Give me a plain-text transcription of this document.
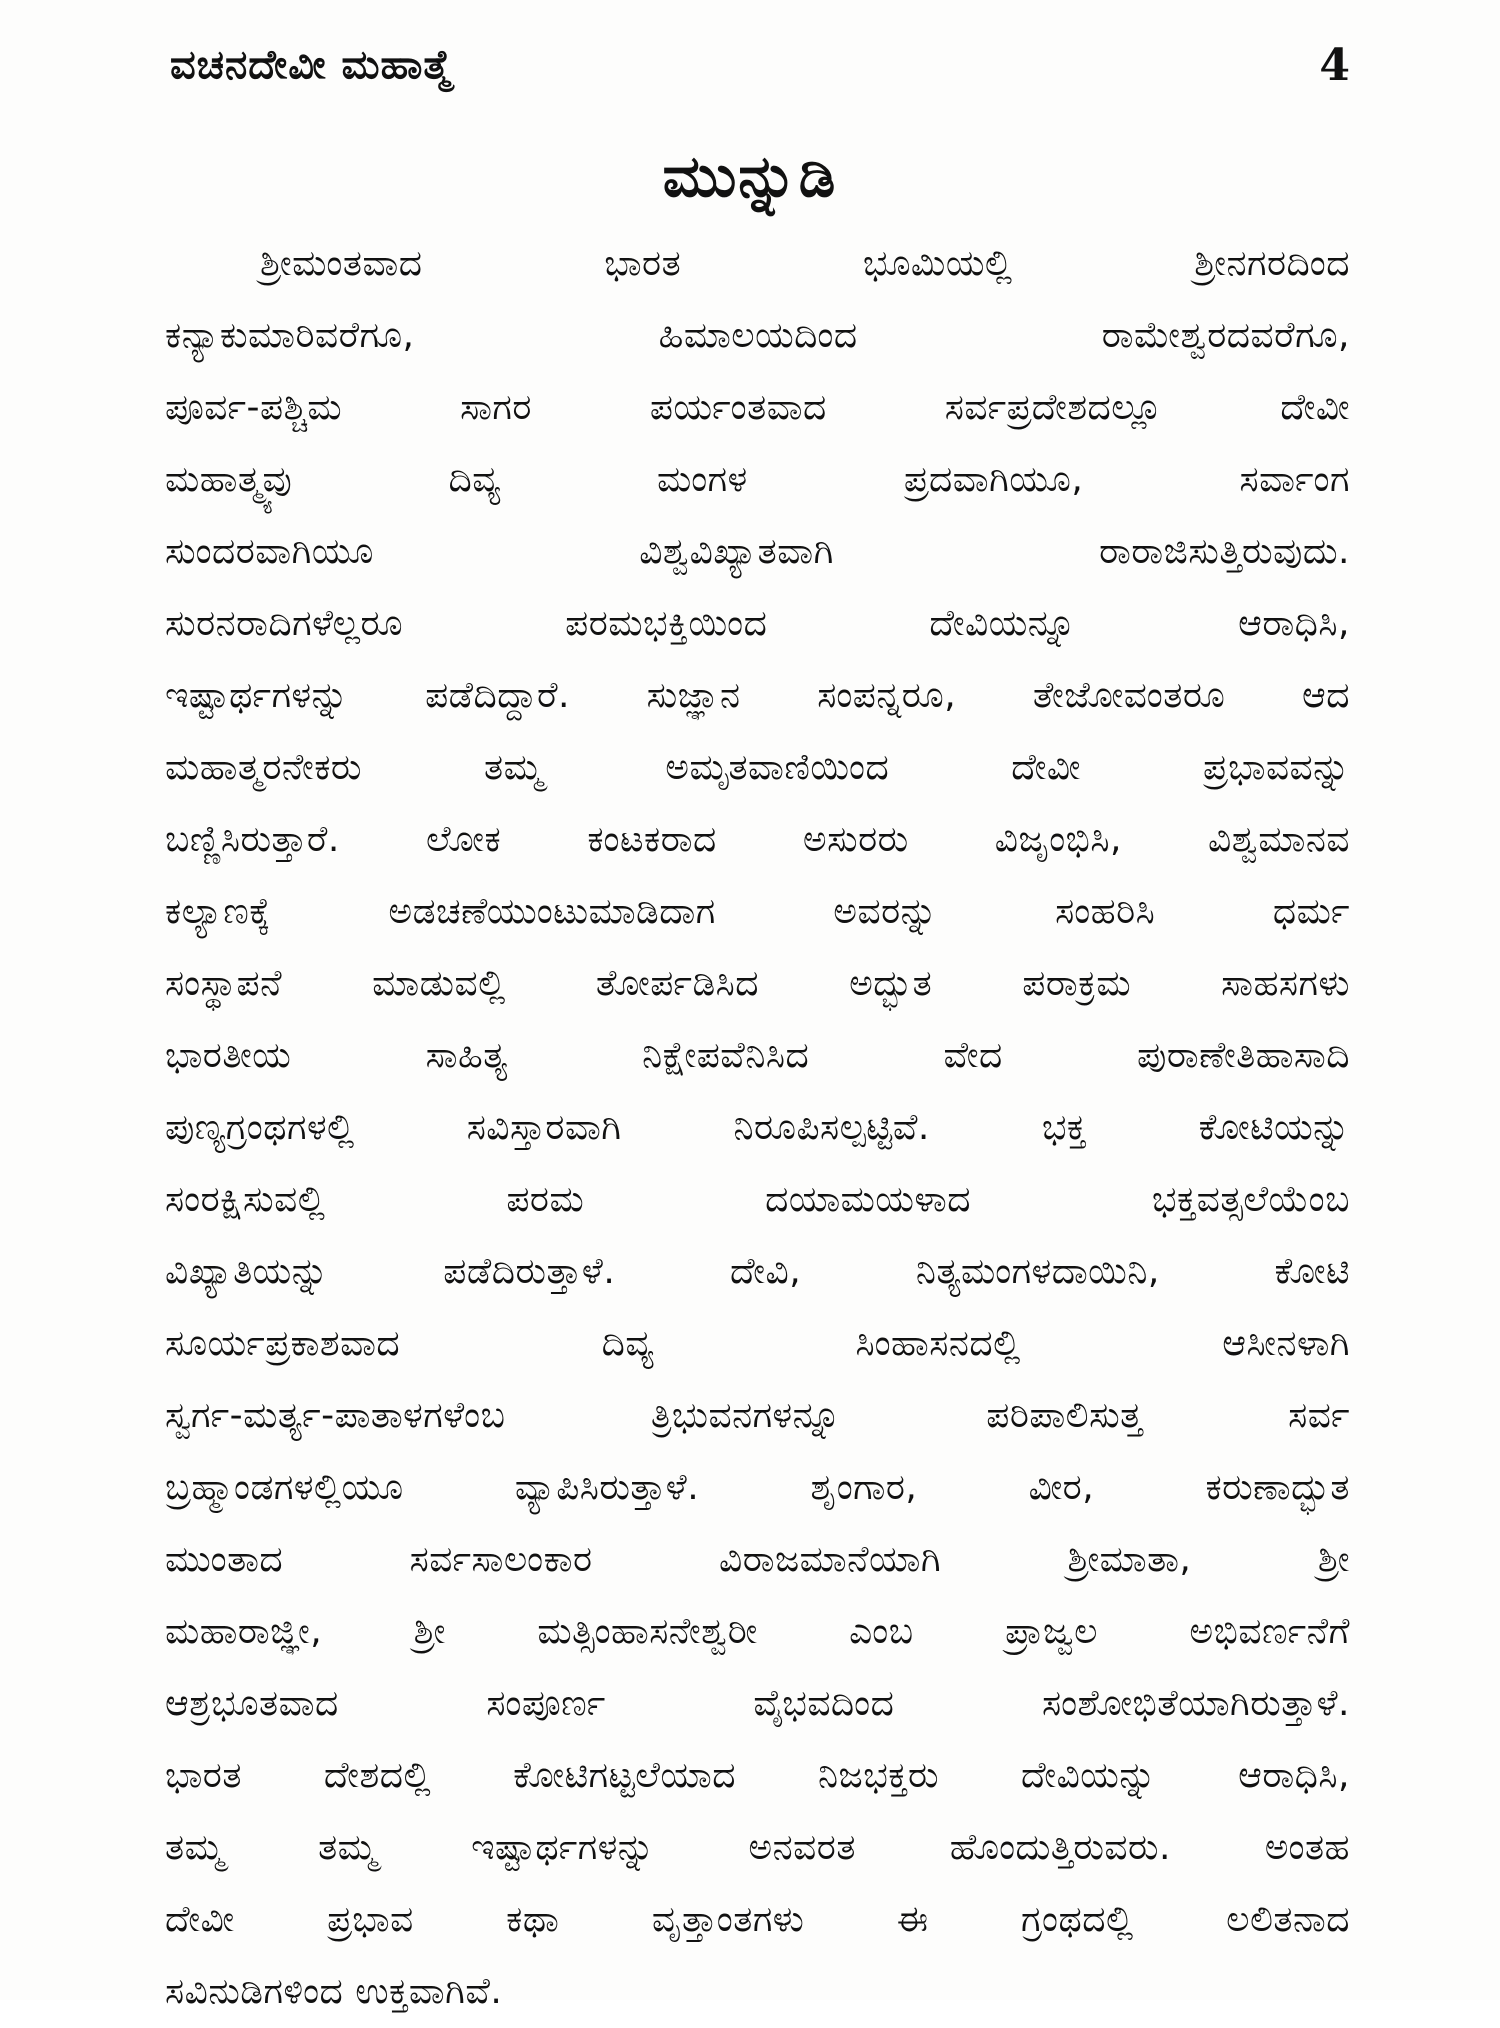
ವಚನದೇವೀ ಮಹಾತ್ಮೆ	4
ಮುನ್ನುಡಿ
ಶ್ರೀಮಂತವಾದ ಭಾರತ ಭೂಮಿಯಲ್ಲಿ ಶ್ರೀನಗರದಿಂದ
ಕನ್ಯಾಕುಮಾರಿವರೆಗೂ, ಹಿಮಾಲಯದಿಂದ ರಾಮೇಶ್ವರದವರೆಗೂ,
ಪೂರ್ವ-ಪಶ್ಚಿಮ ಸಾಗರ ಪರ್ಯಂತವಾದ ಸರ್ವಪ್ರದೇಶದಲ್ಲೂ ದೇವೀ
ಮಹಾತ್ಮ್ಯವು ದಿವ್ಯ ಮಂಗಳ ಪ್ರದವಾಗಿಯೂ, ಸರ್ವಾಂಗ
ಸುಂದರವಾಗಿಯೂ ವಿಶ್ವವಿಖ್ಯಾತವಾಗಿ ರಾರಾಜಿಸುತ್ತಿರುವುದು.
ಸುರನರಾದಿಗಳೆಲ್ಲರೂ ಪರಮಭಕ್ತಿಯಿಂದ ದೇವಿಯನ್ನೂ ಆರಾಧಿಸಿ,
ಇಷ್ಟಾರ್ಥಗಳನ್ನು ಪಡೆದಿದ್ದಾರೆ. ಸುಜ್ಞಾನ ಸಂಪನ್ನರೂ, ತೇಜೋವಂತರೂ ಆದ
ಮಹಾತ್ಮರನೇಕರು ತಮ್ಮ ಅಮೃತವಾಣಿಯಿಂದ ದೇವೀ ಪ್ರಭಾವವನ್ನು
ಬಣ್ಣಿಸಿರುತ್ತಾರೆ. ಲೋಕ ಕಂಟಕರಾದ ಅಸುರರು ವಿಜೃಂಭಿಸಿ, ವಿಶ್ವಮಾನವ
ಕಲ್ಯಾಣಕ್ಕೆ ಅಡಚಣೆಯುಂಟುಮಾಡಿದಾಗ ಅವರನ್ನು ಸಂಹರಿಸಿ ಧರ್ಮ
ಸಂಸ್ಥಾಪನೆ ಮಾಡುವಲ್ಲಿ ತೋರ್ಪಡಿಸಿದ ಅದ್ಭುತ ಪರಾಕ್ರಮ ಸಾಹಸಗಳು
ಭಾರತೀಯ ಸಾಹಿತ್ಯ ನಿಕ್ಷೇಪವೆನಿಸಿದ ವೇದ ಪುರಾಣೇತಿಹಾಸಾದಿ
ಪುಣ್ಯಗ್ರಂಥಗಳಲ್ಲಿ ಸವಿಸ್ತಾರವಾಗಿ ನಿರೂಪಿಸಲ್ಪಟ್ಟಿವೆ. ಭಕ್ತ ಕೋಟಿಯನ್ನು
ಸಂರಕ್ಷಿಸುವಲ್ಲಿ ಪರಮ ದಯಾಮಯಳಾದ ಭಕ್ತವತ್ಸಲೆಯೆಂಬ
ವಿಖ್ಯಾತಿಯನ್ನು ಪಡೆದಿರುತ್ತಾಳೆ. ದೇವಿ, ನಿತ್ಯಮಂಗಳದಾಯಿನಿ, ಕೋಟಿ
ಸೂರ್ಯಪ್ರಕಾಶವಾದ ದಿವ್ಯ ಸಿಂಹಾಸನದಲ್ಲಿ ಆಸೀನಳಾಗಿ
ಸ್ವರ್ಗ-ಮರ್ತ್ಯ-ಪಾತಾಳಗಳೆಂಬ ತ್ರಿಭುವನಗಳನ್ನೂ ಪರಿಪಾಲಿಸುತ್ತ ಸರ್ವ
ಬ್ರಹ್ಮಾಂಡಗಳಲ್ಲಿಯೂ ವ್ಯಾಪಿಸಿರುತ್ತಾಳೆ. ಶೃಂಗಾರ, ವೀರ, ಕರುಣಾದ್ಭುತ
ಮುಂತಾದ ಸರ್ವಸಾಲಂಕಾರ ವಿರಾಜಮಾನೆಯಾಗಿ ಶ್ರೀಮಾತಾ, ಶ್ರೀ
ಮಹಾರಾಜ್ಞೀ, ಶ್ರೀ ಮತ್ಸಿಂಹಾಸನೇಶ್ವರೀ ಎಂಬ ಪ್ರಾಜ್ವಲ ಅಭಿವರ್ಣನೆಗೆ
ಆಶ್ರಭೂತವಾದ ಸಂಪೂರ್ಣ ವೈಭವದಿಂದ ಸಂಶೋಭಿತೆಯಾಗಿರುತ್ತಾಳೆ.
ಭಾರತ ದೇಶದಲ್ಲಿ ಕೋಟಿಗಟ್ಟಲೆಯಾದ ನಿಜಭಕ್ತರು ದೇವಿಯನ್ನು ಆರಾಧಿಸಿ,
ತಮ್ಮ ತಮ್ಮ ಇಷ್ಟಾರ್ಥಗಳನ್ನು ಅನವರತ ಹೊಂದುತ್ತಿರುವರು. ಅಂತಹ
ದೇವೀ ಪ್ರಭಾವ ಕಥಾ ವೃತ್ತಾಂತಗಳು ಈ ಗ್ರಂಥದಲ್ಲಿ ಲಲಿತನಾದ
ಸವಿನುಡಿಗಳಿಂದ ಉಕ್ತವಾಗಿವೆ.
